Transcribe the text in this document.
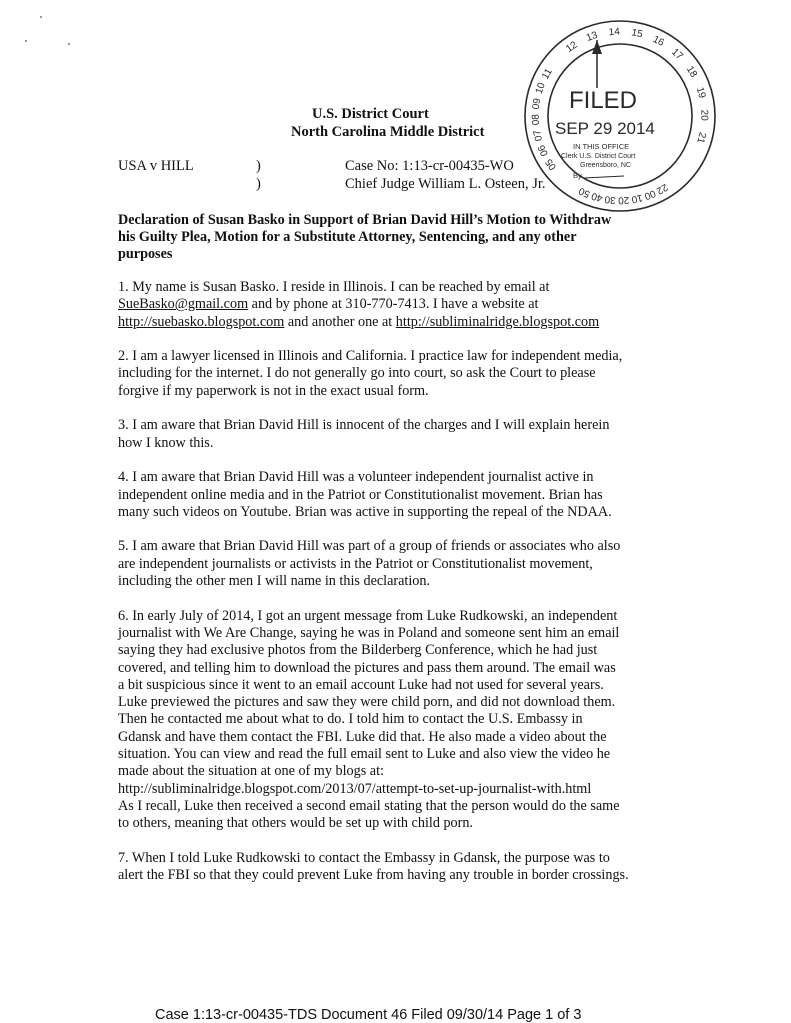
U.S. District Court
North Carolina Middle District
USA v HILL	)
)
Case No: 1:13-cr-00435-WO
Chief Judge William L. Osteen, Jr.
Declaration of Susan Basko in Support of Brian David Hill’s Motion to Withdraw
his Guilty Plea, Motion for a Substitute Attorney, Sentencing, and any other
purposes
1. My name is Susan Basko. I reside in Illinois. I can be reached by email at
SueBasko@gmail.com and by phone at 310-770-7413. I have a website at
http://suebasko.blogspot.com and another one at http://subliminalridge.blogspot.com
2. I am a lawyer licensed in Illinois and California. I practice law for independent media,
including for the internet. I do not generally go into court, so ask the Court to please
forgive if my paperwork is not in the exact usual form.
3. I am aware that Brian David Hill is innocent of the charges and I will explain herein
how I know this.
4. I am aware that Brian David Hill was a volunteer independent journalist active in
independent online media and in the Patriot or Constitutionalist movement. Brian has
many such videos on Youtube. Brian was active in supporting the repeal of the NDAA.
5. I am aware that Brian David Hill was part of a group of friends or associates who also
are independent journalists or activists in the Patriot or Constitutionalist movement,
including the other men I will name in this declaration.
6. In early July of 2014, I got an urgent message from Luke Rudkowski, an independent
journalist with We Are Change, saying he was in Poland and someone sent him an email
saying they had exclusive photos from the Bilderberg Conference, which he had just
covered, and telling him to download the pictures and pass them around. The email was
a bit suspicious since it went to an email account Luke had not used for several years.
Luke previewed the pictures and saw they were child porn, and did not download them.
Then he contacted me about what to do. I told him to contact the U.S. Embassy in
Gdansk and have them contact the FBI. Luke did that. He also made a video about the
situation. You can view and read the full email sent to Luke and also view the video he
made about the situation at one of my blogs at:
http://subliminalridge.blogspot.com/2013/07/attempt-to-set-up-journalist-with.html
As I recall, Luke then received a second email stating that the person would do the same
to others, meaning that others would be set up with child porn.
7. When I told Luke Rudkowski to contact the Embassy in Gdansk, the purpose was to
alert the FBI so that they could prevent Luke from having any trouble in border crossings.
12
13 14 15
16
17
18
19
20
21
11
10
09
08
07
06
05
22
00
10
20
30
40
50
FILED
SEP 29 2014
IN THIS OFFICE
Clerk U.S. District Court
Greensboro, NC
By
Case 1:13-cr-00435-TDS Document 46 Filed 09/30/14 Page 1 of 3
